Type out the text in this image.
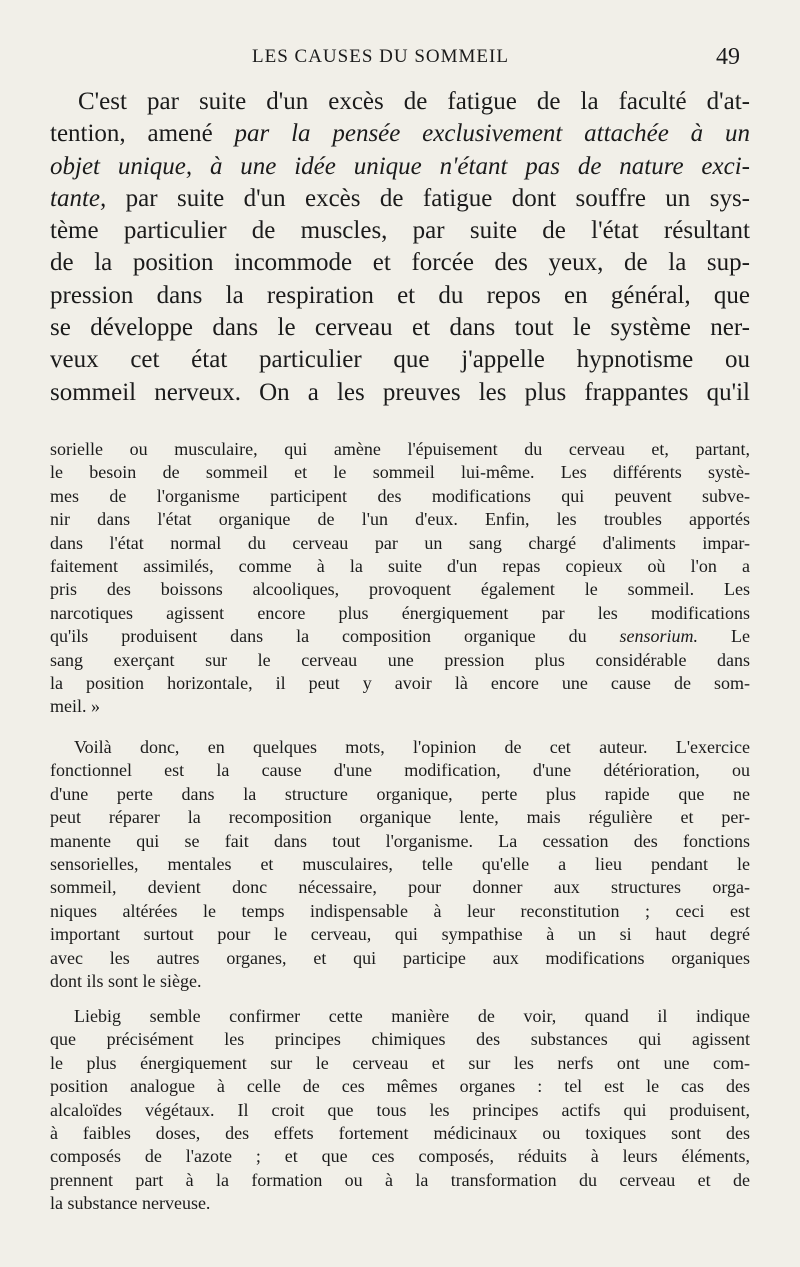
LES CAUSES DU SOMMEIL	49
C'est par suite d'un excès de fatigue de la faculté d'at-
tention, amené par la pensée exclusivement attachée à un
objet unique, à une idée unique n'étant pas de nature exci-
tante, par suite d'un excès de fatigue dont souffre un sys-
tème particulier de muscles, par suite de l'état résultant
de la position incommode et forcée des yeux, de la sup-
pression dans la respiration et du repos en général, que
se développe dans le cerveau et dans tout le système ner-
veux cet état particulier que j'appelle hypnotisme ou
sommeil nerveux. On a les preuves les plus frappantes qu'il
sorielle ou musculaire, qui amène l'épuisement du cerveau et, partant,
le besoin de sommeil et le sommeil lui-même. Les différents systè-
mes de l'organisme participent des modifications qui peuvent subve-
nir dans l'état organique de l'un d'eux. Enfin, les troubles apportés
dans l'état normal du cerveau par un sang chargé d'aliments impar-
faitement assimilés, comme à la suite d'un repas copieux où l'on a
pris des boissons alcooliques, provoquent également le sommeil. Les
narcotiques agissent encore plus énergiquement par les modifications
qu'ils produisent dans la composition organique du sensorium. Le
sang exerçant sur le cerveau une pression plus considérable dans
la position horizontale, il peut y avoir là encore une cause de som-
meil. »
Voilà donc, en quelques mots, l'opinion de cet auteur. L'exercice
fonctionnel est la cause d'une modification, d'une détérioration, ou
d'une perte dans la structure organique, perte plus rapide que ne
peut réparer la recomposition organique lente, mais régulière et per-
manente qui se fait dans tout l'organisme. La cessation des fonctions
sensorielles, mentales et musculaires, telle qu'elle a lieu pendant le
sommeil, devient donc nécessaire, pour donner aux structures orga-
niques altérées le temps indispensable à leur reconstitution ; ceci est
important surtout pour le cerveau, qui sympathise à un si haut degré
avec les autres organes, et qui participe aux modifications organiques
dont ils sont le siège.
Liebig semble confirmer cette manière de voir, quand il indique
que précisément les principes chimiques des substances qui agissent
le plus énergiquement sur le cerveau et sur les nerfs ont une com-
position analogue à celle de ces mêmes organes : tel est le cas des
alcaloïdes végétaux. Il croit que tous les principes actifs qui produisent,
à faibles doses, des effets fortement médicinaux ou toxiques sont des
composés de l'azote ; et que ces composés, réduits à leurs éléments,
prennent part à la formation ou à la transformation du cerveau et de
la substance nerveuse.
